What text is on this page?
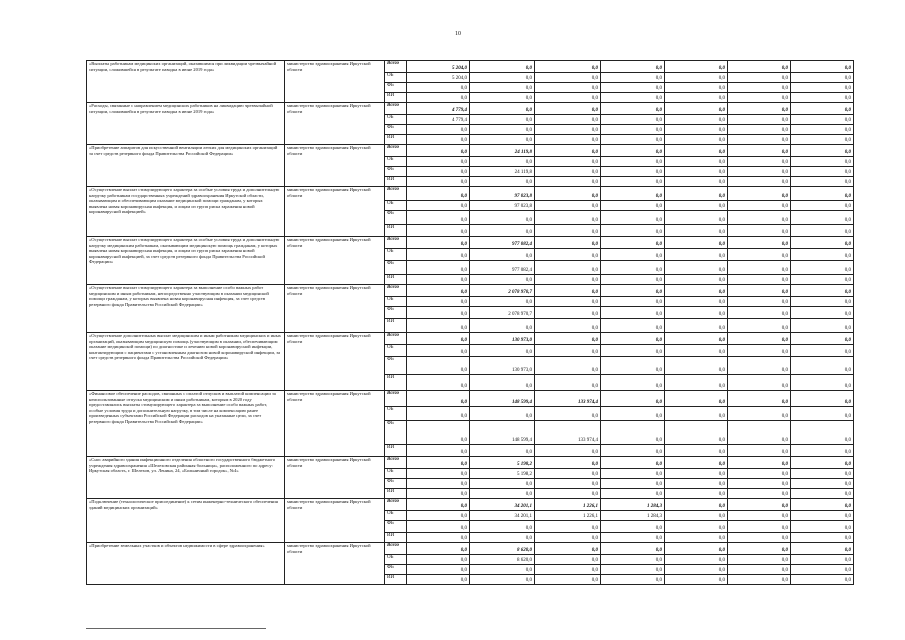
10
«Выплаты работникам медицинских организаций, оказавшимся при ликвидации чрезвычайной ситуации, сложившейся в результате паводка в июне 2019 года»	министерство здравоохранения Иркутской области	Всего	5 204,0	0,0	0,0	0,0	0,0	0,0	0,0
		ОБ	5 204,0	0,0	0,0	0,0	0,0	0,0	0,0
		ФБ	0,0	0,0	0,0	0,0	0,0	0,0	0,0
		ИИ	0,0	0,0	0,0	0,0	0,0	0,0	0,0
«Расходы, связанные с направлением медицинских работников на ликвидацию чрезвычайной ситуации, сложившейся в результате паводка в июне 2019 года»	министерство здравоохранения Иркутской области	Всего	4 779,4	0,0	0,0	0,0	0,0	0,0	0,0
		ОБ	4 779,4	0,0	0,0	0,0	0,0	0,0	0,0
		ФБ	0,0	0,0	0,0	0,0	0,0	0,0	0,0
		ИИ	0,0	0,0	0,0	0,0	0,0	0,0	0,0
«Приобретение аппаратов для искусственной вентиляции легких для медицинских организаций за счет средств резервного фонда Правительства Российской Федерации»	министерство здравоохранения Иркутской области	Всего	0,0	24 119,8	0,0	0,0	0,0	0,0	0,0
		ОБ	0,0	0,0	0,0	0,0	0,0	0,0	0,0
		ФБ	0,0	24 119,8	0,0	0,0	0,0	0,0	0,0
		ИИ	0,0	0,0	0,0	0,0	0,0	0,0	0,0
«Осуществление выплат стимулирующего характера за особые условия труда и дополнительную нагрузку работникам государственных учреждений здравоохранения Иркутской области, оказывающим и обеспечивающим оказание медицинской помощи гражданам, у которых выявлена новая коронавирусная инфекция, и лицам из групп риска заражения новой коронавирусной инфекцией»	министерство здравоохранения Иркутской области	Всего	0,0	97 023,8	0,0	0,0	0,0	0,0	0,0
		ОБ	0,0	97 023,8	0,0	0,0	0,0	0,0	0,0
		ФБ	0,0	0,0	0,0	0,0	0,0	0,0	0,0
		ИИ	0,0	0,0	0,0	0,0	0,0	0,0	0,0
«Осуществление выплат стимулирующего характера за особые условия труда и дополнительную нагрузку медицинским работникам, оказывающим медицинскую помощь гражданам, у которых выявлена новая коронавирусная инфекция, и лицам из групп риска заражения новой коронавирусной инфекцией, за счет средств резервного фонда Правительства Российской Федерации»	министерство здравоохранения Иркутской области	Всего	0,0	977 082,4	0,0	0,0	0,0	0,0	0,0
		ОБ	0,0	0,0	0,0	0,0	0,0	0,0	0,0
		ФБ	0,0	977 082,4	0,0	0,0	0,0	0,0	0,0
		ИИ	0,0	0,0	0,0	0,0	0,0	0,0	0,0
«Осуществление выплат стимулирующего характера за выполнение особо важных работ медицинским и иным работникам, непосредственно участвующим в оказании медицинской помощи гражданам, у которых выявлена новая коронавирусная инфекция, за счет средств резервного фонда Правительства Российской Федерации»	министерство здравоохранения Иркутской области	Всего	0,0	2 078 970,7	0,0	0,0	0,0	0,0	0,0
		ОБ	0,0	0,0	0,0	0,0	0,0	0,0	0,0
		ФБ	0,0	2 078 970,7	0,0	0,0	0,0	0,0	0,0
		ИИ	0,0	0,0	0,0	0,0	0,0	0,0	0,0
«Осуществление дополнительных выплат медицинским и иным работникам медицинских и иных организаций, оказывающим медицинскую помощь (участвующим в оказании, обеспечивающим оказание медицинской помощи) по диагностике и лечению новой коронавирусной инфекции, контактирующим с пациентами с установленным диагнозом новой коронавирусной инфекции, за счет средств резервного фонда Правительства Российской Федерации»	министерство здравоохранения Иркутской области	Всего	0,0	130 973,0	0,0	0,0	0,0	0,0	0,0
		ОБ	0,0	0,0	0,0	0,0	0,0	0,0	0,0
		ФБ	0,0	130 973,0	0,0	0,0	0,0	0,0	0,0
		ИИ	0,0	0,0	0,0	0,0	0,0	0,0	0,0
«Финансовое обеспечение расходов, связанных с оплатой отпусков и выплатой компенсации за неиспользованные отпуска медицинским и иным работникам, которым в 2020 году предоставлялись выплаты стимулирующего характера за выполнение особо важных работ, особые условия труда и дополнительную нагрузку, в том числе на компенсацию ранее произведенных субъектами Российской Федерации расходов на указанные цели, за счет резервного фонда Правительства Российской Федерации»	министерство здравоохранения Иркутской области	Всего	0,0	148 599,4	133 974,4	0,0	0,0	0,0	0,0
		ОБ	0,0	0,0	0,0	0,0	0,0	0,0	0,0
		ФБ	0,0	148 599,4	133 974,4	0,0	0,0	0,0	0,0
		ИИ	0,0	0,0	0,0	0,0	0,0	0,0	0,0
«Снос аварийного здания инфекционного отделения областного государственного бюджетного учреждения здравоохранения «Шелеховская районная больница», расположенного по адресу: Иркутская область, г. Шелехов, ул. Ленина, 24, «Больничный городок», №4»	министерство здравоохранения Иркутской области	Всего	0,0	5 198,2	0,0	0,0	0,0	0,0	0,0
		ОБ	0,0	5 198,2	0,0	0,0	0,0	0,0	0,0
		ФБ	0,0	0,0	0,0	0,0	0,0	0,0	0,0
		ИИ	0,0	0,0	0,0	0,0	0,0	0,0	0,0
«Подключение (технологическое присоединение) к сетям инженерно-технического обеспечения зданий медицинских организаций»	министерство здравоохранения Иркутской области	Всего	0,0	34 201,1	1 226,1	1 284,3	0,0	0,0	0,0
		ОБ	0,0	34 201,1	1 226,1	1 284,3	0,0	0,0	0,0
		ФБ	0,0	0,0	0,0	0,0	0,0	0,0	0,0
		ИИ	0,0	0,0	0,0	0,0	0,0	0,0	0,0
«Приобретение земельных участков и объектов недвижимости в сфере здравоохранения»	министерство здравоохранения Иркутской области	Всего	0,0	8 620,0	0,0	0,0	0,0	0,0	0,0
		ОБ	0,0	8 620,0	0,0	0,0	0,0	0,0	0,0
		ФБ	0,0	0,0	0,0	0,0	0,0	0,0	0,0
		ИИ	0,0	0,0	0,0	0,0	0,0	0,0	0,0
